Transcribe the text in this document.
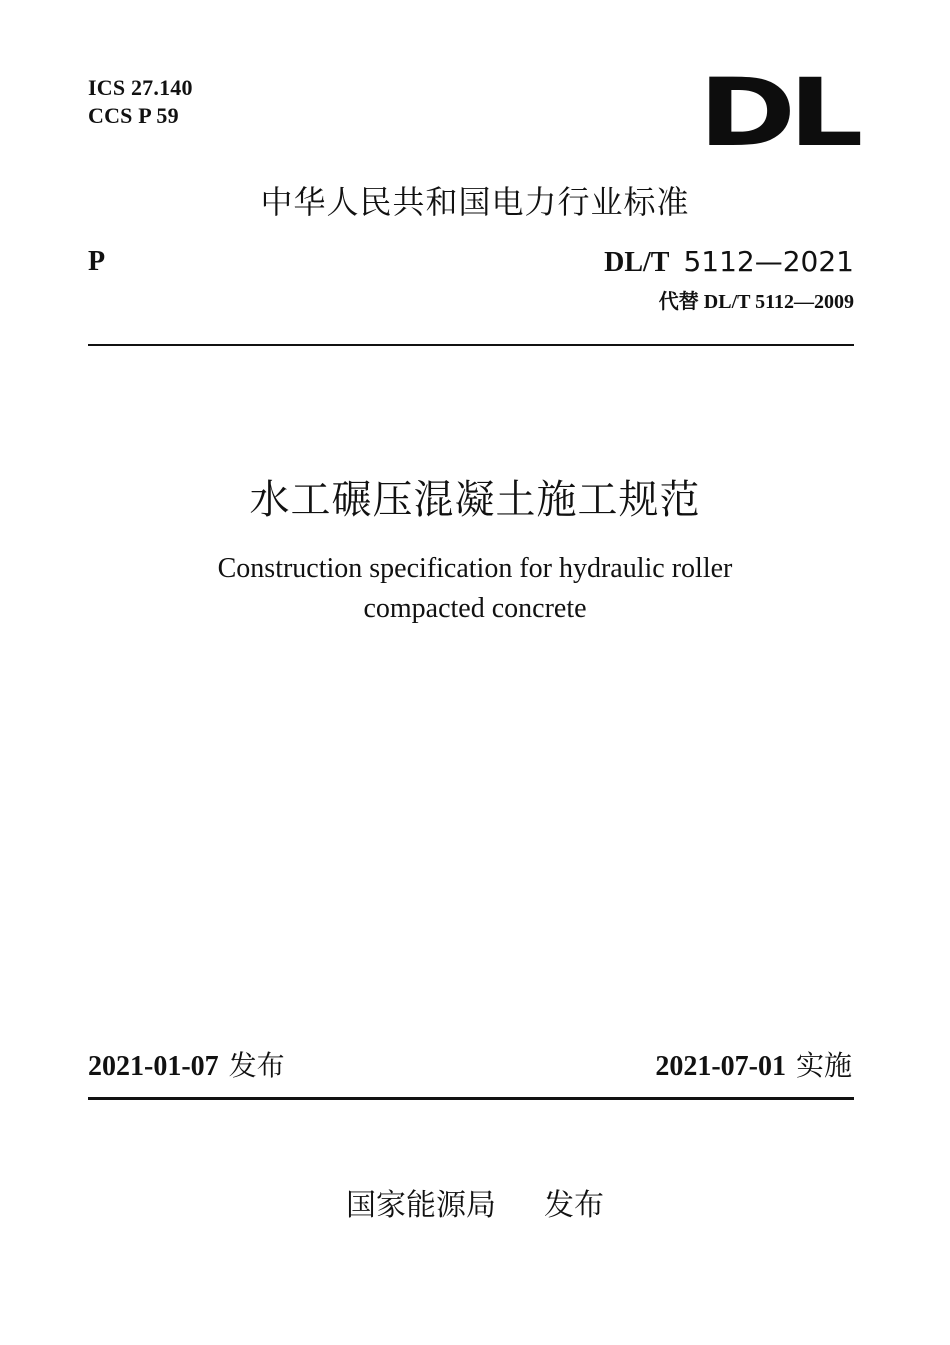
ICS 27.140
CCS P 59	DL
中华人民共和国电力行业标准
P	DL/T 5112—2021
代替 DL/T 5112—2009
水工碾压混凝土施工规范
Construction specification for hydraulic roller
compacted concrete
2021-01-07 发布	2021-07-01 实施
国家能源局 发布
